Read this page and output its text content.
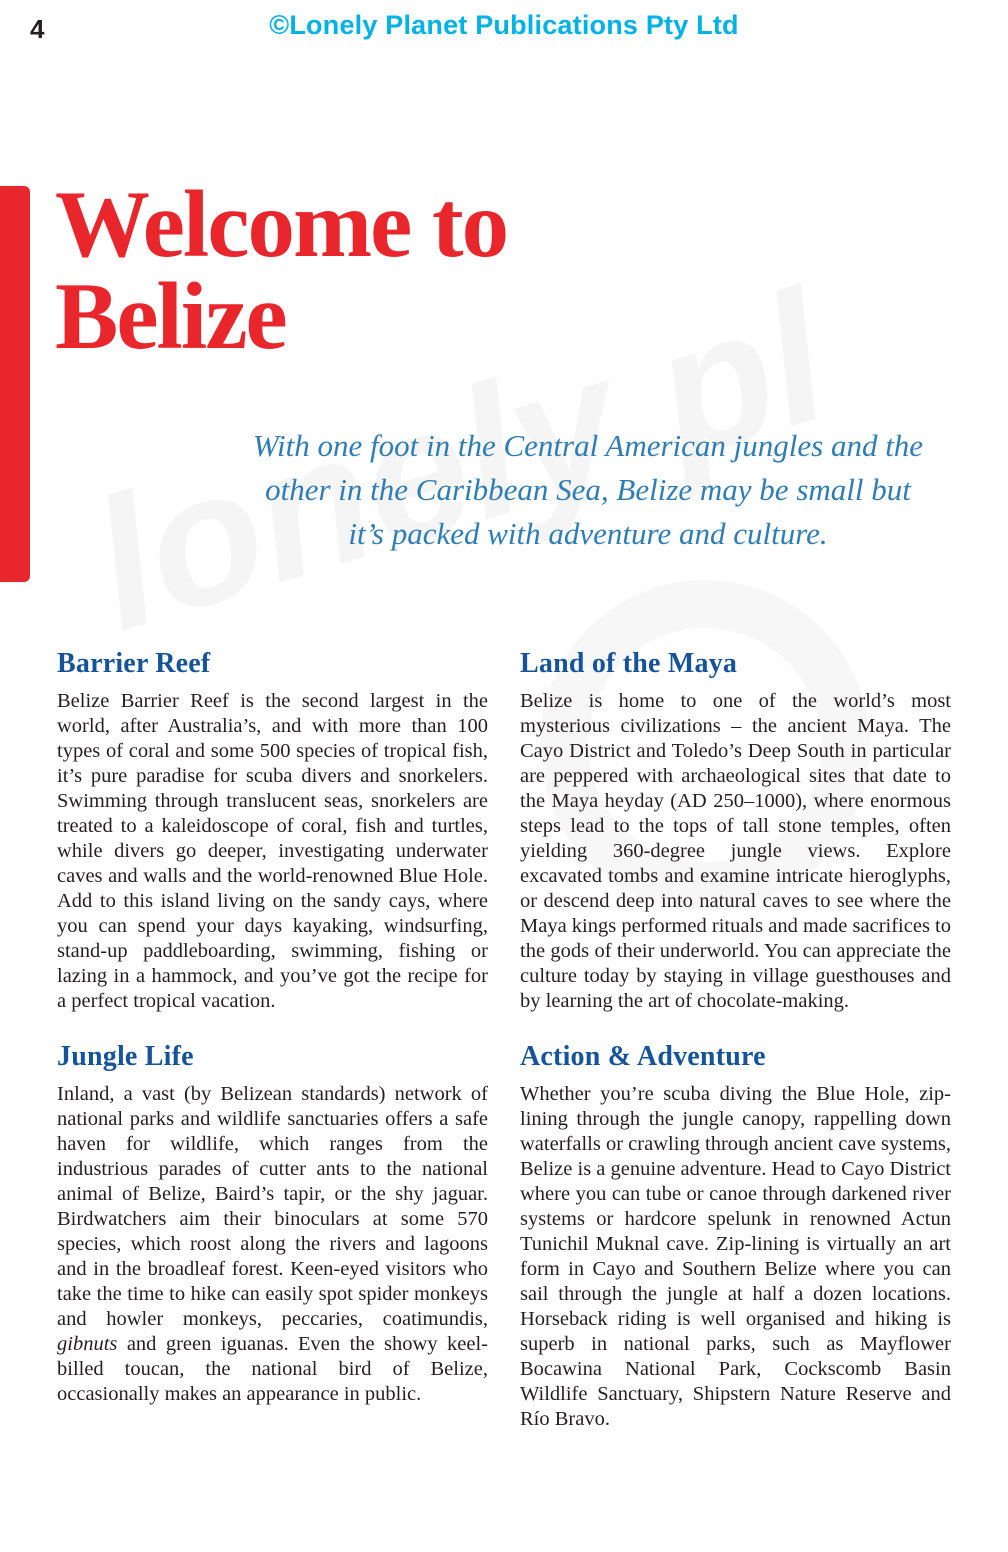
4	©Lonely Planet Publications Pty Ltd
Welcome to
Belize

With one foot in the Central American jungles and the other in the Caribbean Sea, Belize may be small but it’s packed with adventure and culture.

Barrier Reef

Belize Barrier Reef is the second largest in the world, after Australia’s, and with more than 100 types of coral and some 500 species of tropical fish, it’s pure paradise for scuba divers and snorkelers. Swimming through translucent seas, snorkelers are treated to a kaleidoscope of coral, fish and turtles, while divers go deeper, investigating underwater caves and walls and the world-renowned Blue Hole. Add to this island living on the sandy cays, where you can spend your days kayaking, windsurfing, stand-up paddleboarding, swimming, fishing or lazing in a hammock, and you’ve got the recipe for a perfect tropical vacation.

Jungle Life

Inland, a vast (by Belizean standards) network of national parks and wildlife sanctuaries offers a safe haven for wildlife, which ranges from the industrious parades of cutter ants to the national animal of Belize, Baird’s tapir, or the shy jaguar. Birdwatchers aim their binoculars at some 570 species, which roost along the rivers and lagoons and in the broadleaf forest. Keen-eyed visitors who take the time to hike can easily spot spider monkeys and howler monkeys, peccaries, coatimundis, gibnuts and green iguanas. Even the showy keel-billed toucan, the national bird of Belize, occasionally makes an appearance in public.

Land of the Maya

Belize is home to one of the world’s most mysterious civilizations – the ancient Maya. The Cayo District and Toledo’s Deep South in particular are peppered with archaeological sites that date to the Maya heyday (AD 250–1000), where enormous steps lead to the tops of tall stone temples, often yielding 360-degree jungle views. Explore excavated tombs and examine intricate hieroglyphs, or descend deep into natural caves to see where the Maya kings performed rituals and made sacrifices to the gods of their underworld. You can appreciate the culture today by staying in village guesthouses and by learning the art of chocolate-making.

Action & Adventure

Whether you’re scuba diving the Blue Hole, zip-lining through the jungle canopy, rappelling down waterfalls or crawling through ancient cave systems, Belize is a genuine adventure. Head to Cayo District where you can tube or canoe through darkened river systems or hardcore spelunk in renowned Actun Tunichil Muknal cave. Zip-lining is virtually an art form in Cayo and Southern Belize where you can sail through the jungle at half a dozen locations. Horseback riding is well organised and hiking is superb in national parks, such as Mayflower Bocawina National Park, Cockscomb Basin Wildlife Sanctuary, Shipstern Nature Reserve and Río Bravo.
